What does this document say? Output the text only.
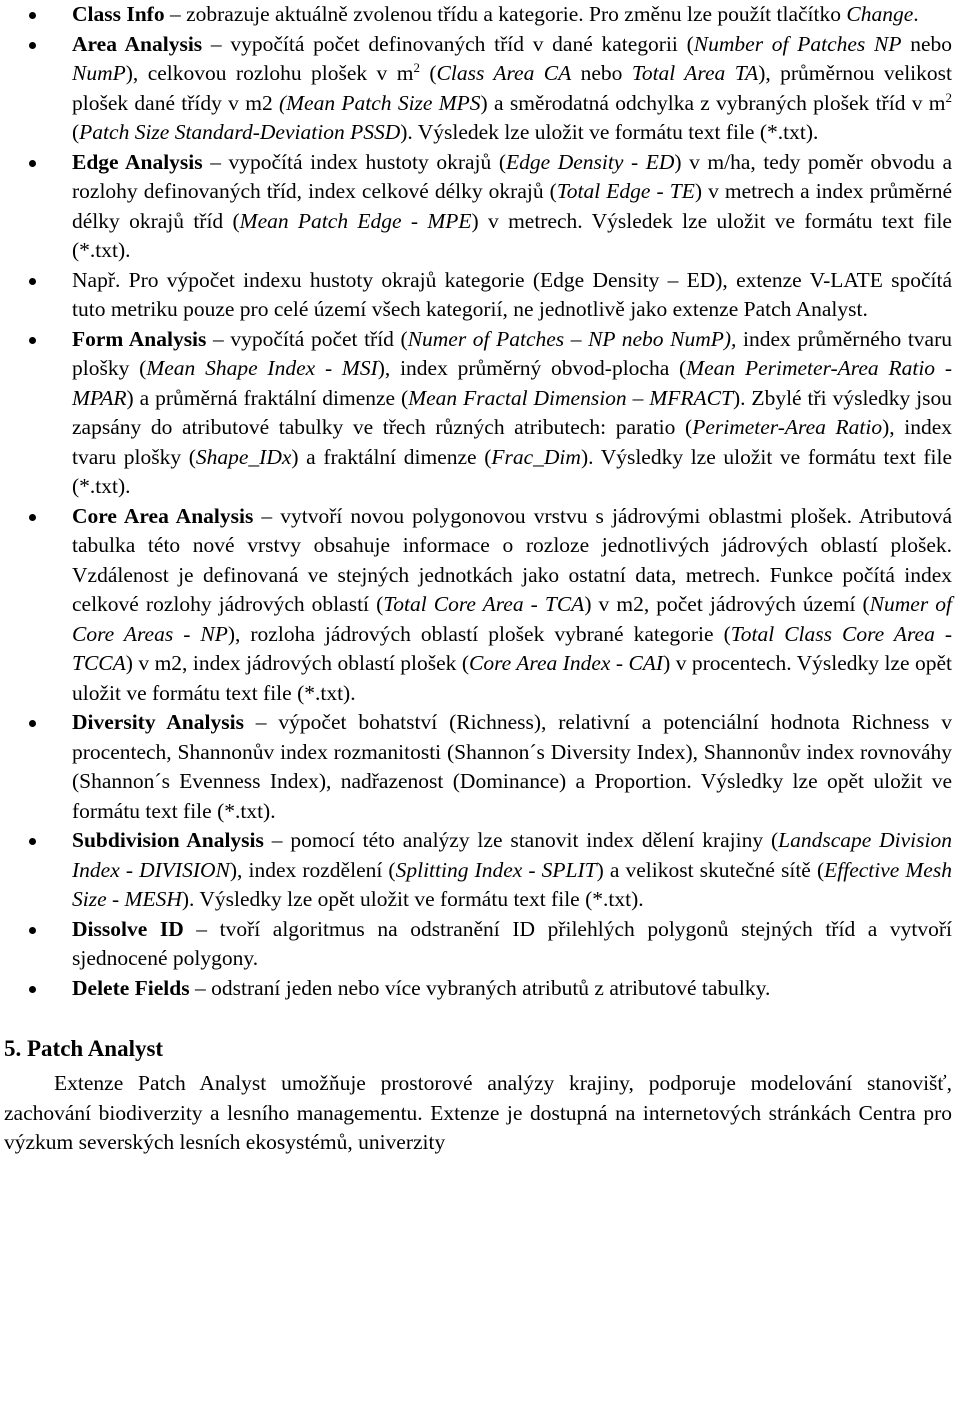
Class Info – zobrazuje aktuálně zvolenou třídu a kategorie. Pro změnu lze použít tlačítko Change.
Area Analysis – vypočítá počet definovaných tříd v dané kategorii (Number of Patches NP nebo NumP), celkovou rozlohu plošek v $m^2$ (Class Area CA nebo Total Area TA), průměrnou velikost plošek dané třídy v m2 (Mean Patch Size MPS) a směrodatná odchylka z vybraných plošek tříd v $m^2$ (Patch Size Standard-Deviation PSSD). Výsledek lze uložit ve formátu text file (*.txt).
Edge Analysis – vypočítá index hustoty okrajů (Edge Density - ED) v m/ha, tedy poměr obvodu a rozlohy definovaných tříd, index celkové délky okrajů (Total Edge - TE) v metrech a index průměrné délky okrajů tříd (Mean Patch Edge - MPE) v metrech. Výsledek lze uložit ve formátu text file (*.txt).
Např. Pro výpočet indexu hustoty okrajů kategorie (Edge Density – ED), extenze V-LATE spočítá tuto metriku pouze pro celé území všech kategorií, ne jednotlivě jako extenze Patch Analyst.
Form Analysis – vypočítá počet tříd (Numer of Patches – NP nebo NumP), index průměrného tvaru plošky (Mean Shape Index - MSI), index průměrný obvod-plocha (Mean Perimeter-Area Ratio - MPAR) a průměrná fraktální dimenze (Mean Fractal Dimension – MFRACT). Zbylé tři výsledky jsou zapsány do atributové tabulky ve třech různých atributech: paratio (Perimeter-Area Ratio), index tvaru plošky (Shape_IDx) a fraktální dimenze (Frac_Dim). Výsledky lze uložit ve formátu text file (*.txt).
Core Area Analysis – vytvoří novou polygonovou vrstvu s jádrovými oblastmi plošek. Atributová tabulka této nové vrstvy obsahuje informace o rozloze jednotlivých jádrových oblastí plošek. Vzdálenost je definovaná ve stejných jednotkách jako ostatní data, metrech. Funkce počítá index celkové rozlohy jádrových oblastí (Total Core Area - TCA) v m2, počet jádrových území (Numer of Core Areas - NP), rozloha jádrových oblastí plošek vybrané kategorie (Total Class Core Area - TCCA) v m2, index jádrových oblastí plošek (Core Area Index - CAI) v procentech. Výsledky lze opět uložit ve formátu text file (*.txt).
Diversity Analysis – výpočet bohatství (Richness), relativní a potenciální hodnota Richness v procentech, Shannonův index rozmanitosti (Shannon´s Diversity Index), Shannonův index rovnováhy (Shannon´s Evenness Index), nadřazenost (Dominance) a Proportion. Výsledky lze opět uložit ve formátu text file (*.txt).
Subdivision Analysis – pomocí této analýzy lze stanovit index dělení krajiny (Landscape Division Index - DIVISION), index rozdělení (Splitting Index - SPLIT) a velikost skutečné sítě (Effective Mesh Size - MESH). Výsledky lze opět uložit ve formátu text file (*.txt).
Dissolve ID – tvoří algoritmus na odstranění ID přilehlých polygonů stejných tříd a vytvoří sjednocené polygony.
Delete Fields – odstraní jeden nebo více vybraných atributů z atributové tabulky.
5. Patch Analyst
Extenze Patch Analyst umožňuje prostorové analýzy krajiny, podporuje modelování stanovišť, zachování biodiverzity a lesního managementu. Extenze je dostupná na internetových stránkách Centra pro výzkum severských lesních ekosystémů, univerzity
